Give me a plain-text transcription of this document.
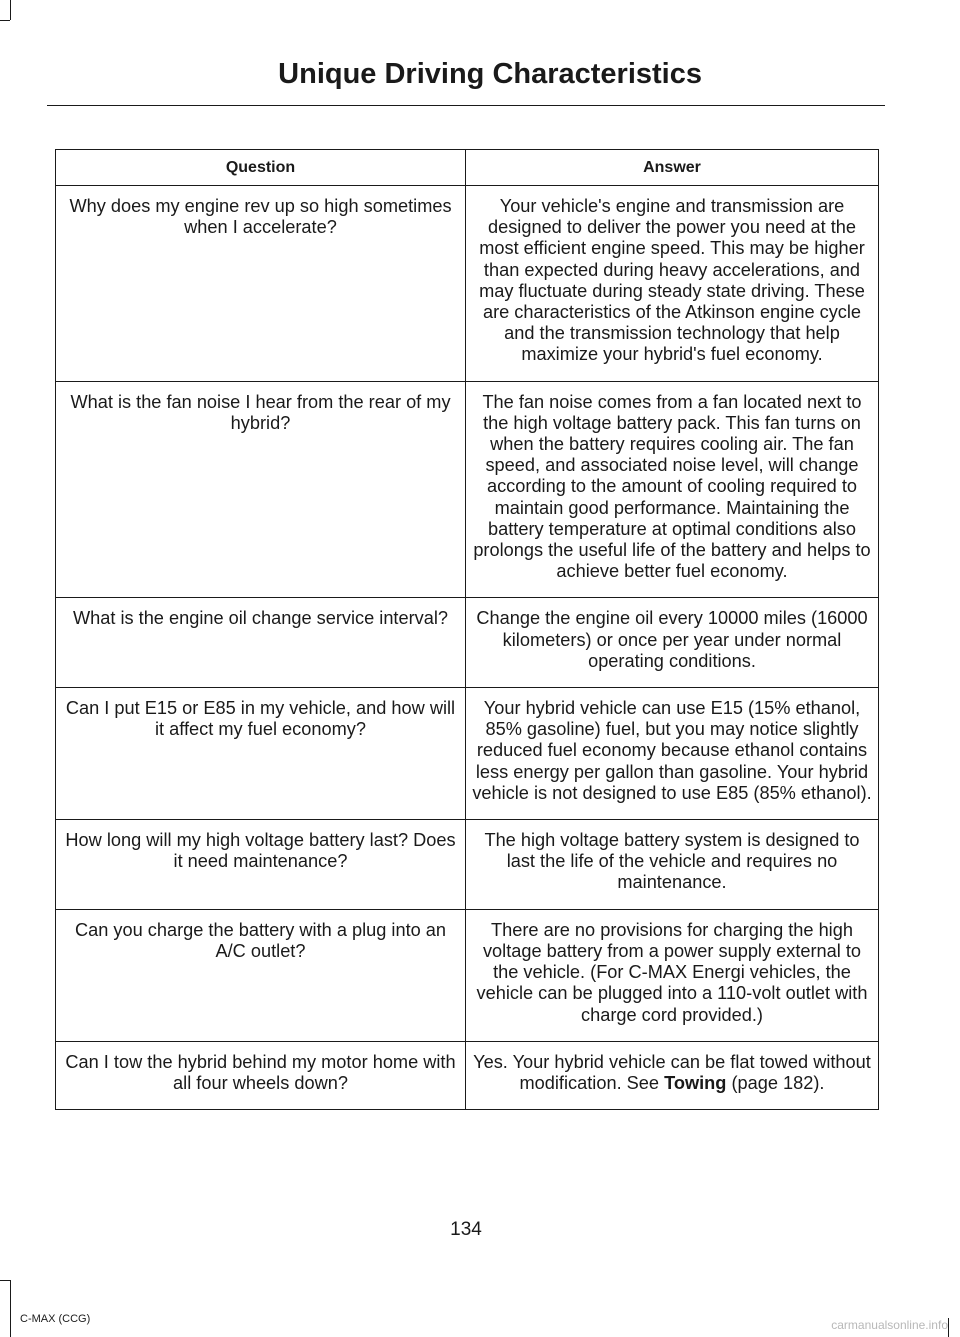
Unique Driving Characteristics
Question	Answer
Why does my engine rev up so high sometimes when I accelerate?	Your vehicle's engine and transmission are designed to deliver the power you need at the most efficient engine speed. This may be higher than expected during heavy accelerations, and may fluctuate during steady state driving. These are characteristics of the Atkinson engine cycle and the transmission technology that help maximize your hybrid's fuel economy.
What is the fan noise I hear from the rear of my hybrid?	The fan noise comes from a fan located next to the high voltage battery pack. This fan turns on when the battery requires cooling air. The fan speed, and associated noise level, will change according to the amount of cooling required to maintain good performance. Maintaining the battery temperature at optimal conditions also prolongs the useful life of the battery and helps to achieve better fuel economy.
What is the engine oil change service interval?	Change the engine oil every 10000 miles (16000 kilometers) or once per year under normal operating conditions.
Can I put E15 or E85 in my vehicle, and how will it affect my fuel economy?	Your hybrid vehicle can use E15 (15% ethanol, 85% gasoline) fuel, but you may notice slightly reduced fuel economy because ethanol contains less energy per gallon than gasoline. Your hybrid vehicle is not designed to use E85 (85% ethanol).
How long will my high voltage battery last? Does it need maintenance?	The high voltage battery system is designed to last the life of the vehicle and requires no maintenance.
Can you charge the battery with a plug into an A/C outlet?	There are no provisions for charging the high voltage battery from a power supply external to the vehicle. (For C-MAX Energi vehicles, the vehicle can be plugged into a 110-volt outlet with charge cord provided.)
Can I tow the hybrid behind my motor home with all four wheels down?	Yes. Your hybrid vehicle can be flat towed without modification. See Towing (page 182).
134
C-MAX (CCG)	carmanualsonline.info
